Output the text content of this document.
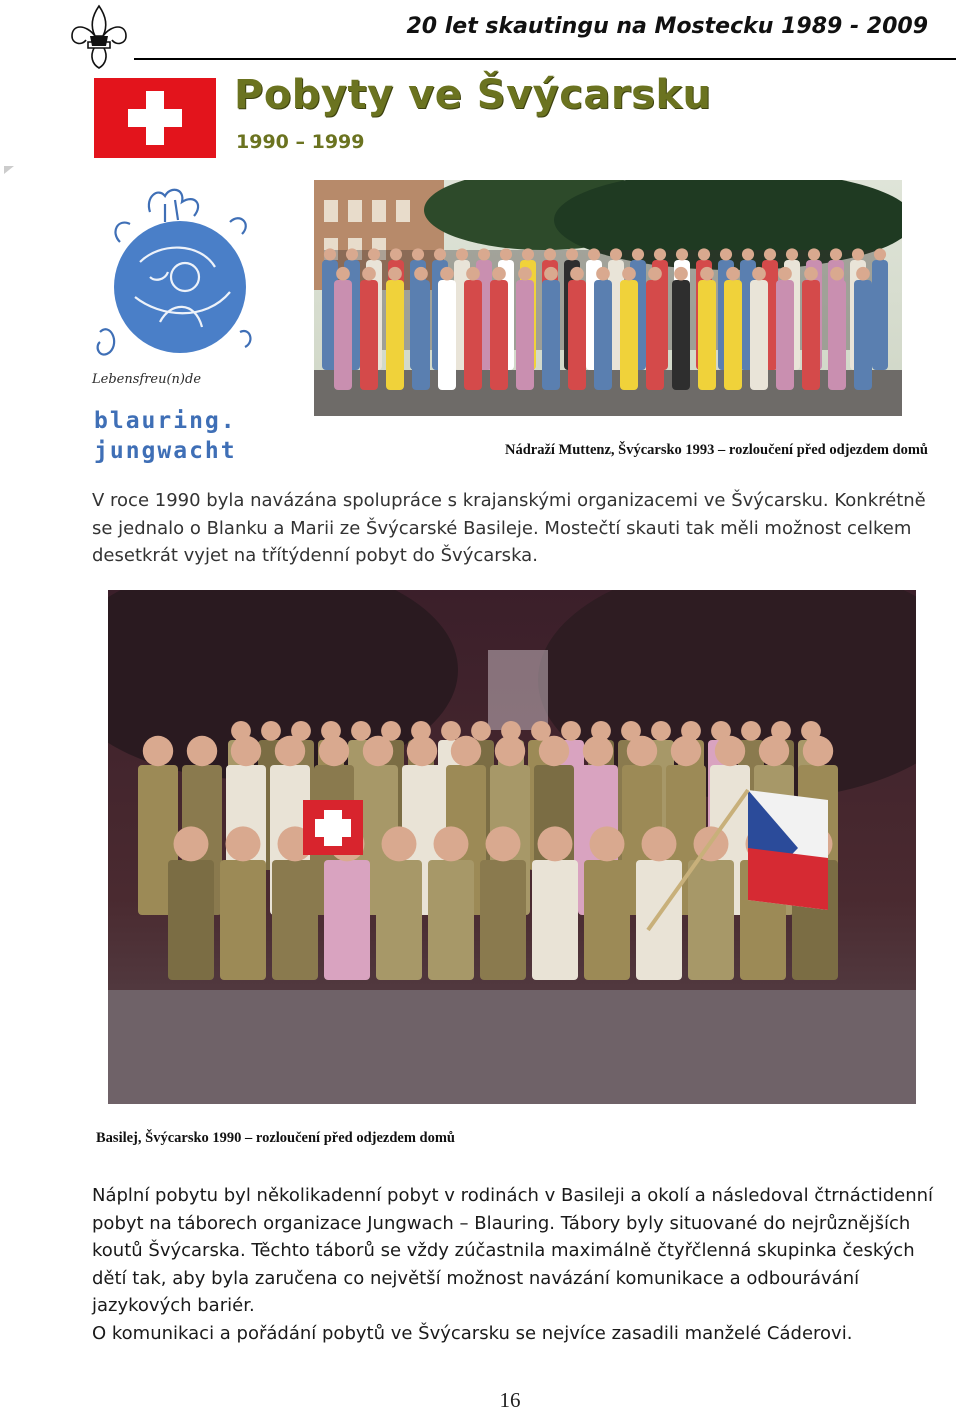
20 let skautingu na Mostecku 1989 - 2009
Pobyty ve Švýcarsku
1990 – 1999
Lebensfreu(n)de
blauring.
jungwacht	Nádraží Muttenz, Švýcarsko 1993 – rozloučení před odjezdem domů

V roce 1990 byla navázána spolupráce s krajanskými organizacemi ve Švýcarsku. Konkrétně se jednalo o Blanku a Marii ze Švýcarské Basileje. Mostečtí skauti tak měli možnost celkem desetkrát vyjet na třítýdenní pobyt do Švýcarska.

Basilej, Švýcarsko 1990 – rozloučení před odjezdem domů

Náplní pobytu byl několikadenní pobyt v rodinách v Basileji a okolí a následoval čtrnáctidenní pobyt na táborech organizace Jungwach – Blauring. Tábory byly situované do nejrůznějších koutů Švýcarska. Těchto táborů se vždy zúčastnila maximálně čtyřčlenná skupinka českých dětí tak, aby byla zaručena co největší možnost navázání komunikace a odbourávání jazykových bariér.

O komunikaci a pořádání pobytů ve Švýcarsku se nejvíce zasadili manželé Cáderovi.

16
